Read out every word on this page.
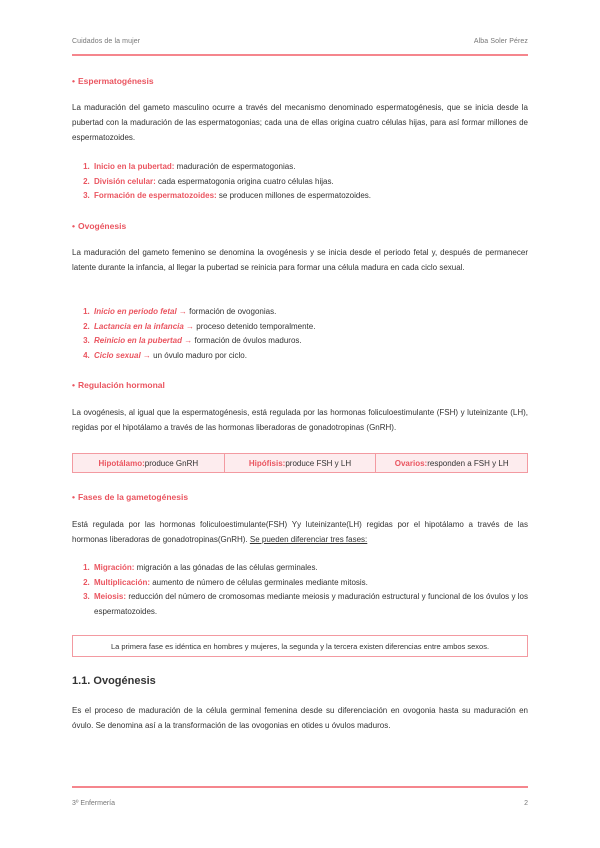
Cuidados de la mujer	Alba Soler Pérez
• Espermatogénesis
La maduración del gameto masculino ocurre a través del mecanismo denominado espermatogénesis, que se inicia desde la pubertad con la maduración de las espermatogonias; cada una de ellas origina cuatro células hijas, para así formar millones de espermatozoides.
1. Inicio en la pubertad: maduración de espermatogonias.
2. División celular: cada espermatogonia origina cuatro células hijas.
3. Formación de espermatozoides: se producen millones de espermatozoides.
• Ovogénesis
La maduración del gameto femenino se denomina la ovogénesis y se inicia desde el periodo fetal y, después de permanecer latente durante la infancia, al llegar la pubertad se reinicia para formar una célula madura en cada ciclo sexual.
1. Inicio en periodo fetal → formación de ovogonias.
2. Lactancia en la infancia → proceso detenido temporalmente.
3. Reinicio en la pubertad → formación de óvulos maduros.
4. Ciclo sexual → un óvulo maduro por ciclo.
• Regulación hormonal
La ovogénesis, al igual que la espermatogénesis, está regulada por las hormonas foliculoestimulante (FSH) y luteinizante (LH), regidas por el hipotálamo a través de las hormonas liberadoras de gonadotropinas (GnRH).
Hipotálamo: produce GnRH	Hipófisis: produce FSH y LH	Ovarios: responden a FSH y LH
• Fases de la gametogénesis
Está regulada por las hormonas foliculoestimulante(FSH) Yy luteinizante(LH) regidas por el hipotálamo a través de las hormonas liberadoras de gonadotropinas(GnRH). Se pueden diferenciar tres fases:
1. Migración: migración a las gónadas de las células germinales.
2. Multiplicación: aumento de número de células germinales mediante mitosis.
3. Meiosis: reducción del número de cromosomas mediante meiosis y maduración estructural y funcional de los óvulos y los espermatozoides.
La primera fase es idéntica en hombres y mujeres, la segunda y la tercera existen diferencias entre ambos sexos.
1.1. Ovogénesis
Es el proceso de maduración de la célula germinal femenina desde su diferenciación en ovogonia hasta su maduración en óvulo. Se denomina así a la transformación de las ovogonias en otides u óvulos maduros.
3º Enfermería	2
